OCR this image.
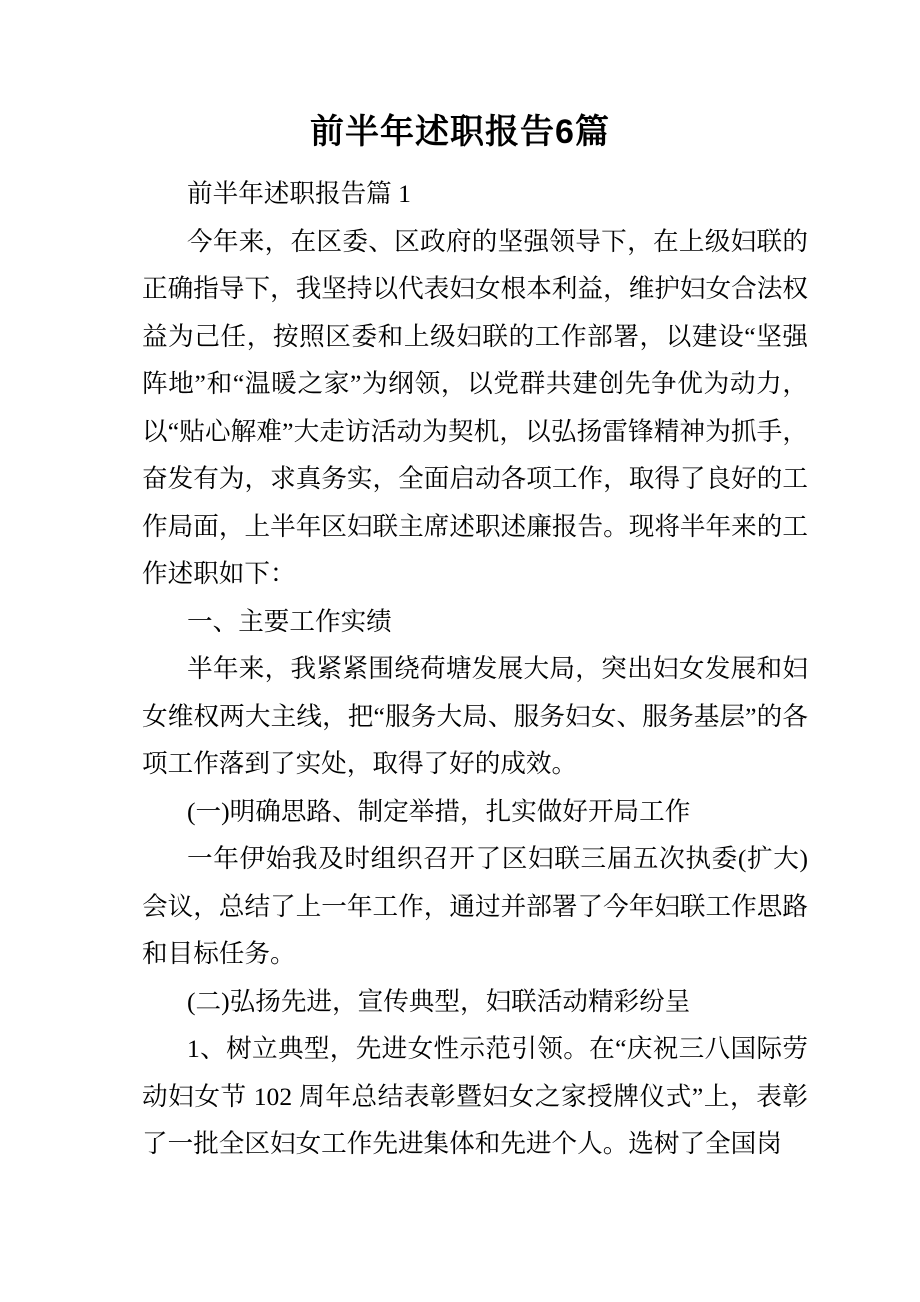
前半年述职报告6篇

前半年述职报告篇 1

今年来，在区委、区政府的坚强领导下，在上级妇联的正确指导下，我坚持以代表妇女根本利益，维护妇女合法权益为己任，按照区委和上级妇联的工作部署，以建设“坚强阵地”和“温暖之家”为纲领，以党群共建创先争优为动力，以“贴心解难”大走访活动为契机，以弘扬雷锋精神为抓手，奋发有为，求真务实，全面启动各项工作，取得了良好的工作局面，上半年区妇联主席述职述廉报告。现将半年来的工作述职如下：

一、主要工作实绩

半年来，我紧紧围绕荷塘发展大局，突出妇女发展和妇女维权两大主线，把“服务大局、服务妇女、服务基层”的各项工作落到了实处，取得了好的成效。

(一)明确思路、制定举措，扎实做好开局工作

一年伊始我及时组织召开了区妇联三届五次执委(扩大)会议，总结了上一年工作，通过并部署了今年妇联工作思路和目标任务。

(二)弘扬先进，宣传典型，妇联活动精彩纷呈

1、树立典型，先进女性示范引领。在“庆祝三八国际劳动妇女节 102 周年总结表彰暨妇女之家授牌仪式”上，表彰了一批全区妇女工作先进集体和先进个人。选树了全国岗
